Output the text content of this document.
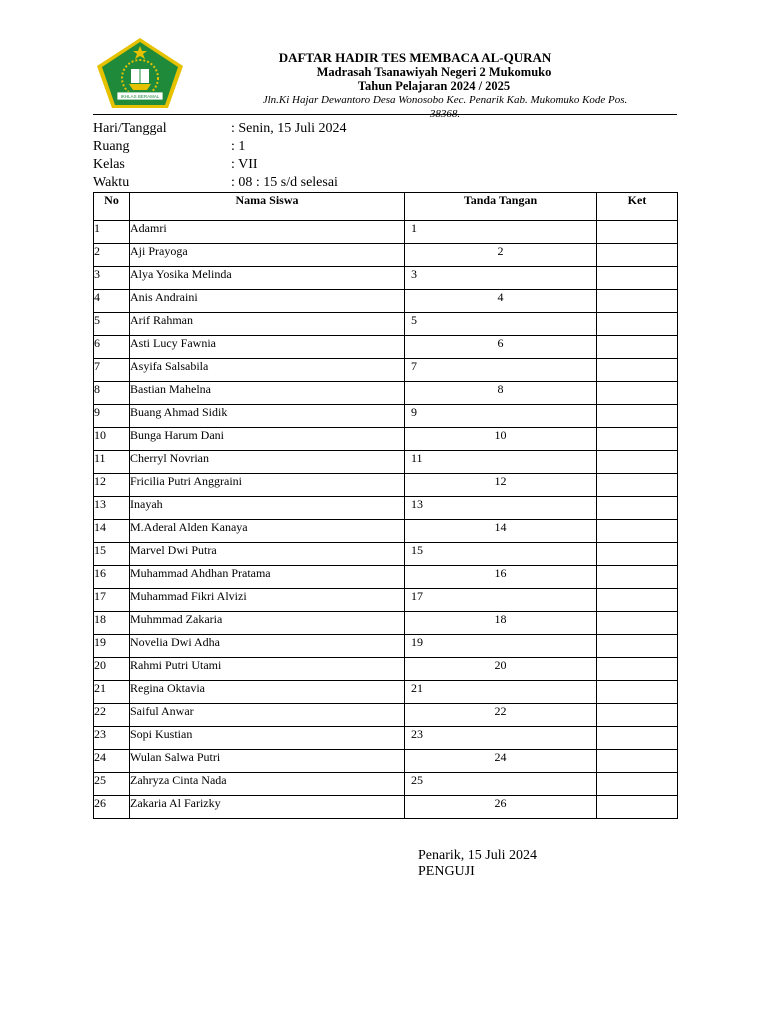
IKHLAS BERAMAL
DAFTAR HADIR TES MEMBACA AL-QURAN
Madrasah Tsanawiyah Negeri 2 Mukomuko
Tahun Pelajaran 2024 / 2025
Jln.Ki Hajar Dewantoro Desa Wonosobo Kec. Penarik Kab. Mukomuko Kode Pos. 38368.
Hari/Tanggal	: Senin, 15 Juli 2024
Ruang	: 1
Kelas	: VII
Waktu	: 08 : 15 s/d selesai
No	Nama Siswa	Tanda Tangan	Ket
1	Adamri	1	
2	Aji Prayoga	2	
3	Alya Yosika Melinda	3	
4	Anis Andraini	4	
5	Arif Rahman	5	
6	Asti Lucy Fawnia	6	
7	Asyifa Salsabila	7	
8	Bastian Mahelna	8	
9	Buang Ahmad Sidik	9	
10	Bunga Harum Dani	10	
11	Cherryl Novrian	11	
12	Fricilia Putri Anggraini	12	
13	Inayah	13	
14	M.Aderal Alden Kanaya	14	
15	Marvel Dwi Putra	15	
16	Muhammad Ahdhan Pratama	16	
17	Muhammad Fikri Alvizi	17	
18	Muhmmad Zakaria	18	
19	Novelia Dwi Adha	19	
20	Rahmi Putri Utami	20	
21	Regina Oktavia	21	
22	Saiful Anwar	22	
23	Sopi Kustian	23	
24	Wulan Salwa Putri	24	
25	Zahryza Cinta Nada	25	
26	Zakaria Al Farizky	26	
Penarik, 15 Juli 2024
PENGUJI
